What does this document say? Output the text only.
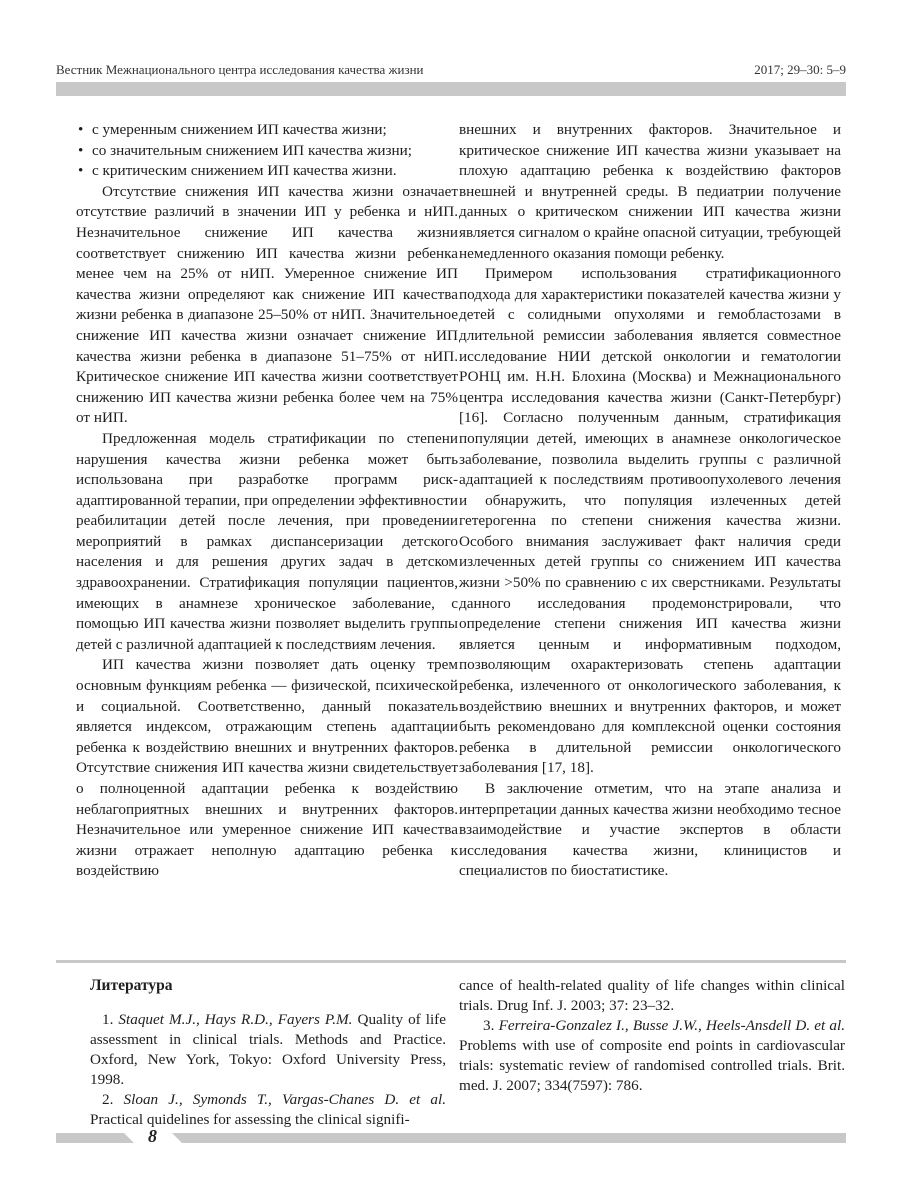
Вестник Межнационального центра исследования качества жизни	2017; 29–30: 5–9
• с умеренным снижением ИП качества жизни;
• со значительным снижением ИП качества жизни;
• с критическим снижением ИП качества жизни.

Отсутствие снижения ИП качества жизни означает отсутствие различий в значении ИП у ребенка и нИП. Незначительное снижение ИП качества жизни соответствует снижению ИП качества жизни ребенка менее чем на 25% от нИП. Умеренное снижение ИП качества жизни определяют как снижение ИП качества жизни ребенка в диапазоне 25–50% от нИП. Значительное снижение ИП качества жизни означает снижение ИП качества жизни ребенка в диапазоне 51–75% от нИП. Критическое снижение ИП качества жизни соответствует снижению ИП качества жизни ребенка более чем на 75% от нИП.

Предложенная модель стратификации по степени нарушения качества жизни ребенка может быть использована при разработке программ риск-адаптированной терапии, при определении эффективности реабилитации детей после лечения, при проведении мероприятий в рамках диспансеризации детского населения и для решения других задач в детском здравоохранении. Стратификация популяции пациентов, имеющих в анамнезе хроническое заболевание, с помощью ИП качества жизни позволяет выделить группы детей с различной адаптацией к последствиям лечения.

ИП качества жизни позволяет дать оценку трем основным функциям ребенка — физической, психической и социальной. Соответственно, данный показатель является индексом, отражающим степень адаптации ребенка к воздействию внешних и внутренних факторов. Отсутствие снижения ИП качества жизни свидетельствует о полноценной адаптации ребенка к воздействию неблагоприятных внешних и внутренних факторов. Незначительное или умеренное снижение ИП качества жизни отражает неполную адаптацию ребенка к воздействию

внешних и внутренних факторов. Значительное и критическое снижение ИП качества жизни указывает на плохую адаптацию ребенка к воздействию факторов внешней и внутренней среды. В педиатрии получение данных о критическом снижении ИП качества жизни является сигналом о крайне опасной ситуации, требующей немедленного оказания помощи ребенку.

Примером использования стратификационного подхода для характеристики показателей качества жизни у детей с солидными опухолями и гемобластозами в длительной ремиссии заболевания является совместное исследование НИИ детской онкологии и гематологии РОНЦ им. Н.Н. Блохина (Москва) и Межнационального центра исследования качества жизни (Санкт-Петербург) [16]. Согласно полученным данным, стратификация популяции детей, имеющих в анамнезе онкологическое заболевание, позволила выделить группы с различной адаптацией к последствиям противоопухолевого лечения и обнаружить, что популяция излеченных детей гетерогенна по степени снижения качества жизни. Особого внимания заслуживает факт наличия среди излеченных детей группы со снижением ИП качества жизни >50% по сравнению с их сверстниками. Результаты данного исследования продемонстрировали, что определение степени снижения ИП качества жизни является ценным и информативным подходом, позволяющим охарактеризовать степень адаптации ребенка, излеченного от онкологического заболевания, к воздействию внешних и внутренних факторов, и может быть рекомендовано для комплексной оценки состояния ребенка в длительной ремиссии онкологического заболевания [17, 18].

В заключение отметим, что на этапе анализа и интерпретации данных качества жизни необходимо тесное взаимодействие и участие экспертов в области исследования качества жизни, клиницистов и специалистов по биостатистике.

Литература

1. Staquet M.J., Hays R.D., Fayers P.M. Quality of life assessment in clinical trials. Methods and Practice. Oxford, New York, Tokyo: Oxford University Press, 1998.

2. Sloan J., Symonds T., Vargas-Chanes D. et al. Practical quidelines for assessing the clinical signifi-

cance of health-related quality of life changes within clinical trials. Drug Inf. J. 2003; 37: 23–32.

3. Ferreira-Gonzalez I., Busse J.W., Heels-Ansdell D. et al. Problems with use of composite end points in cardiovascular trials: systematic review of randomised controlled trials. Brit. med. J. 2007; 334(7597): 786.

8
